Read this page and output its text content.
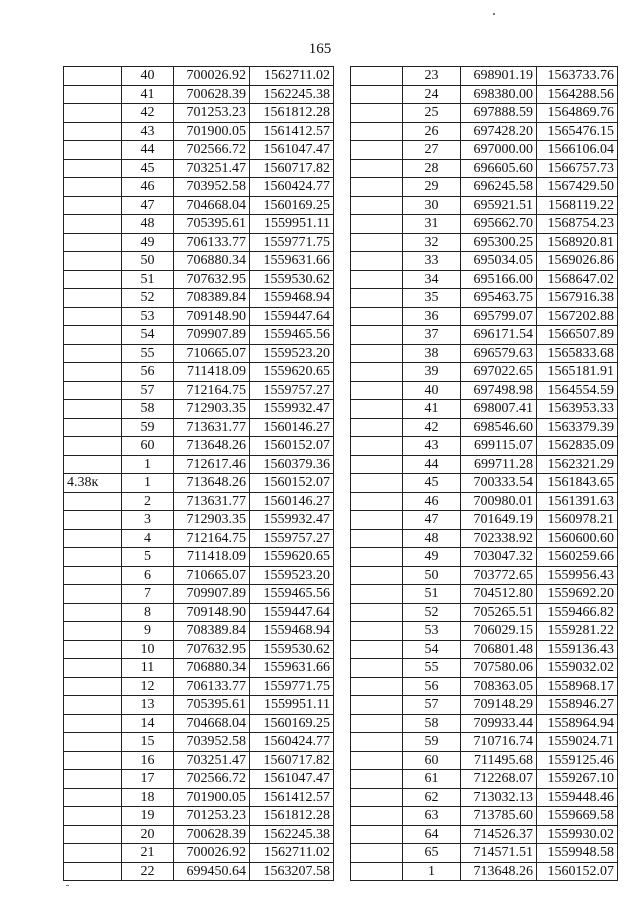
165
	40	700026.92	1562711.02
	41	700628.39	1562245.38
	42	701253.23	1561812.28
	43	701900.05	1561412.57
	44	702566.72	1561047.47
	45	703251.47	1560717.82
	46	703952.58	1560424.77
	47	704668.04	1560169.25
	48	705395.61	1559951.11
	49	706133.77	1559771.75
	50	706880.34	1559631.66
	51	707632.95	1559530.62
	52	708389.84	1559468.94
	53	709148.90	1559447.64
	54	709907.89	1559465.56
	55	710665.07	1559523.20
	56	711418.09	1559620.65
	57	712164.75	1559757.27
	58	712903.35	1559932.47
	59	713631.77	1560146.27
	60	713648.26	1560152.07
	1	712617.46	1560379.36
4.38к	1	713648.26	1560152.07
	2	713631.77	1560146.27
	3	712903.35	1559932.47
	4	712164.75	1559757.27
	5	711418.09	1559620.65
	6	710665.07	1559523.20
	7	709907.89	1559465.56
	8	709148.90	1559447.64
	9	708389.84	1559468.94
	10	707632.95	1559530.62
	11	706880.34	1559631.66
	12	706133.77	1559771.75
	13	705395.61	1559951.11
	14	704668.04	1560169.25
	15	703952.58	1560424.77
	16	703251.47	1560717.82
	17	702566.72	1561047.47
	18	701900.05	1561412.57
	19	701253.23	1561812.28
	20	700628.39	1562245.38
	21	700026.92	1562711.02
	22	699450.64	1563207.58
	23	698901.19	1563733.76
	24	698380.00	1564288.56
	25	697888.59	1564869.76
	26	697428.20	1565476.15
	27	697000.00	1566106.04
	28	696605.60	1566757.73
	29	696245.58	1567429.50
	30	695921.51	1568119.22
	31	695662.70	1568754.23
	32	695300.25	1568920.81
	33	695034.05	1569026.86
	34	695166.00	1568647.02
	35	695463.75	1567916.38
	36	695799.07	1567202.88
	37	696171.54	1566507.89
	38	696579.63	1565833.68
	39	697022.65	1565181.91
	40	697498.98	1564554.59
	41	698007.41	1563953.33
	42	698546.60	1563379.39
	43	699115.07	1562835.09
	44	699711.28	1562321.29
	45	700333.54	1561843.65
	46	700980.01	1561391.63
	47	701649.19	1560978.21
	48	702338.92	1560600.60
	49	703047.32	1560259.66
	50	703772.65	1559956.43
	51	704512.80	1559692.20
	52	705265.51	1559466.82
	53	706029.15	1559281.22
	54	706801.48	1559136.43
	55	707580.06	1559032.02
	56	708363.05	1558968.17
	57	709148.29	1558946.27
	58	709933.44	1558964.94
	59	710716.74	1559024.71
	60	711495.68	1559125.46
	61	712268.07	1559267.10
	62	713032.13	1559448.46
	63	713785.60	1559669.58
	64	714526.37	1559930.02
	65	714571.51	1559948.58
	1	713648.26	1560152.07
